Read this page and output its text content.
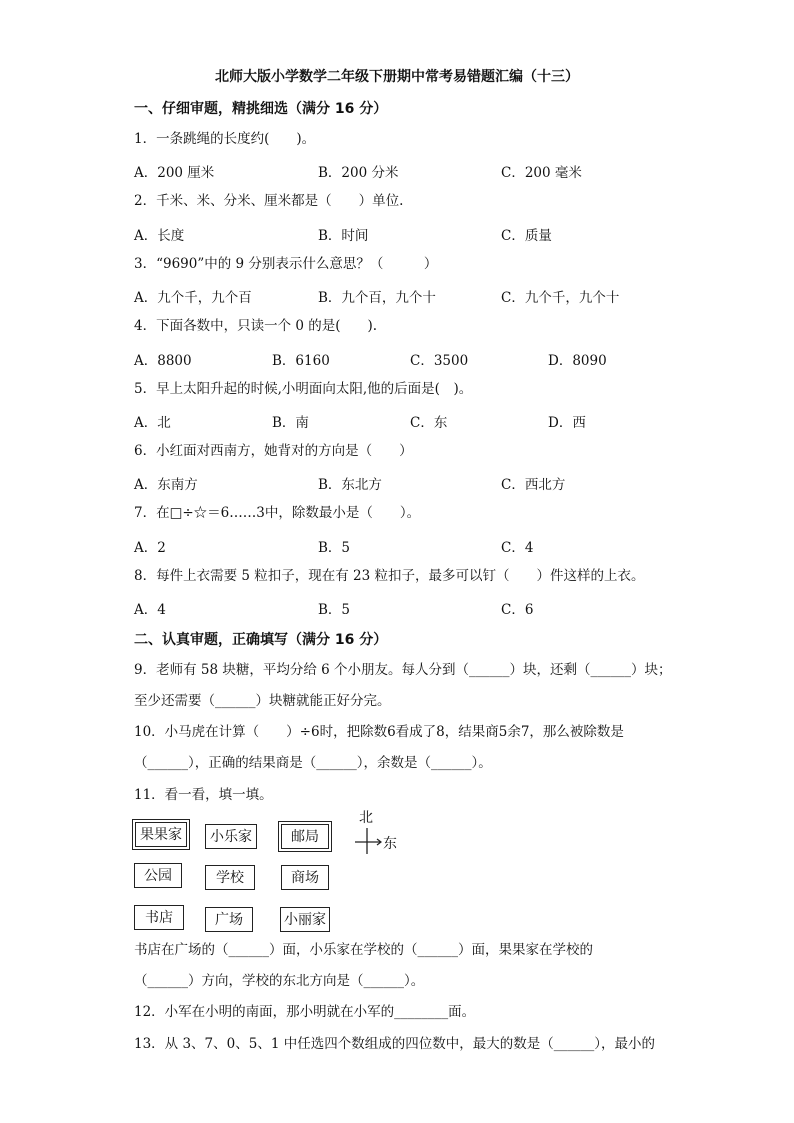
北师大版小学数学二年级下册期中常考易错题汇编（十三）
一、仔细审题，精挑细选（满分 16 分）
1．一条跳绳的长度约(　　)。
A．200 厘米	B．200 分米	C．200 毫米
2．千米、米、分米、厘米都是（　　）单位.
A．长度	B．时间	C．质量
3．“9690”中的 9 分别表示什么意思？（　　　）
A．九个千，九个百	B．九个百，九个十	C．九个千，九个十
4．下面各数中，只读一个 0 的是(　　).
A．8800	B．6160	C．3500	D．8090
5．早上太阳升起的时候,小明面向太阳,他的后面是(　)。
A．北	B．南	C．东	D．西
6．小红面对西南方，她背对的方向是（　　）
A．东南方	B．东北方	C．西北方
7．在□÷☆＝6……3中，除数最小是（　　）。
A．2	B．5	C．4
8．每件上衣需要 5 粒扣子，现在有 23 粒扣子，最多可以钉（　　）件这样的上衣。
A．4	B．5	C．6
二、认真审题，正确填写（满分 16 分）
9．老师有 58 块糖，平均分给 6 个小朋友。每人分到（______）块，还剩（______）块；
至少还需要（______）块糖就能正好分完。
10．小马虎在计算（　　）÷6时，把除数6看成了8，结果商5余7，那么被除数是
（______），正确的结果商是（______），余数是（______）。
11．看一看，填一填。
果果家	小乐家	邮局
公园	学校	商场
书店	广场	小丽家
北
东
书店在广场的（______）面，小乐家在学校的（______）面，果果家在学校的
（______）方向，学校的东北方向是（______）。
12．小军在小明的南面，那小明就在小军的________面。
13．从 3、7、0、5、1 中任选四个数组成的四位数中，最大的数是（______），最小的
